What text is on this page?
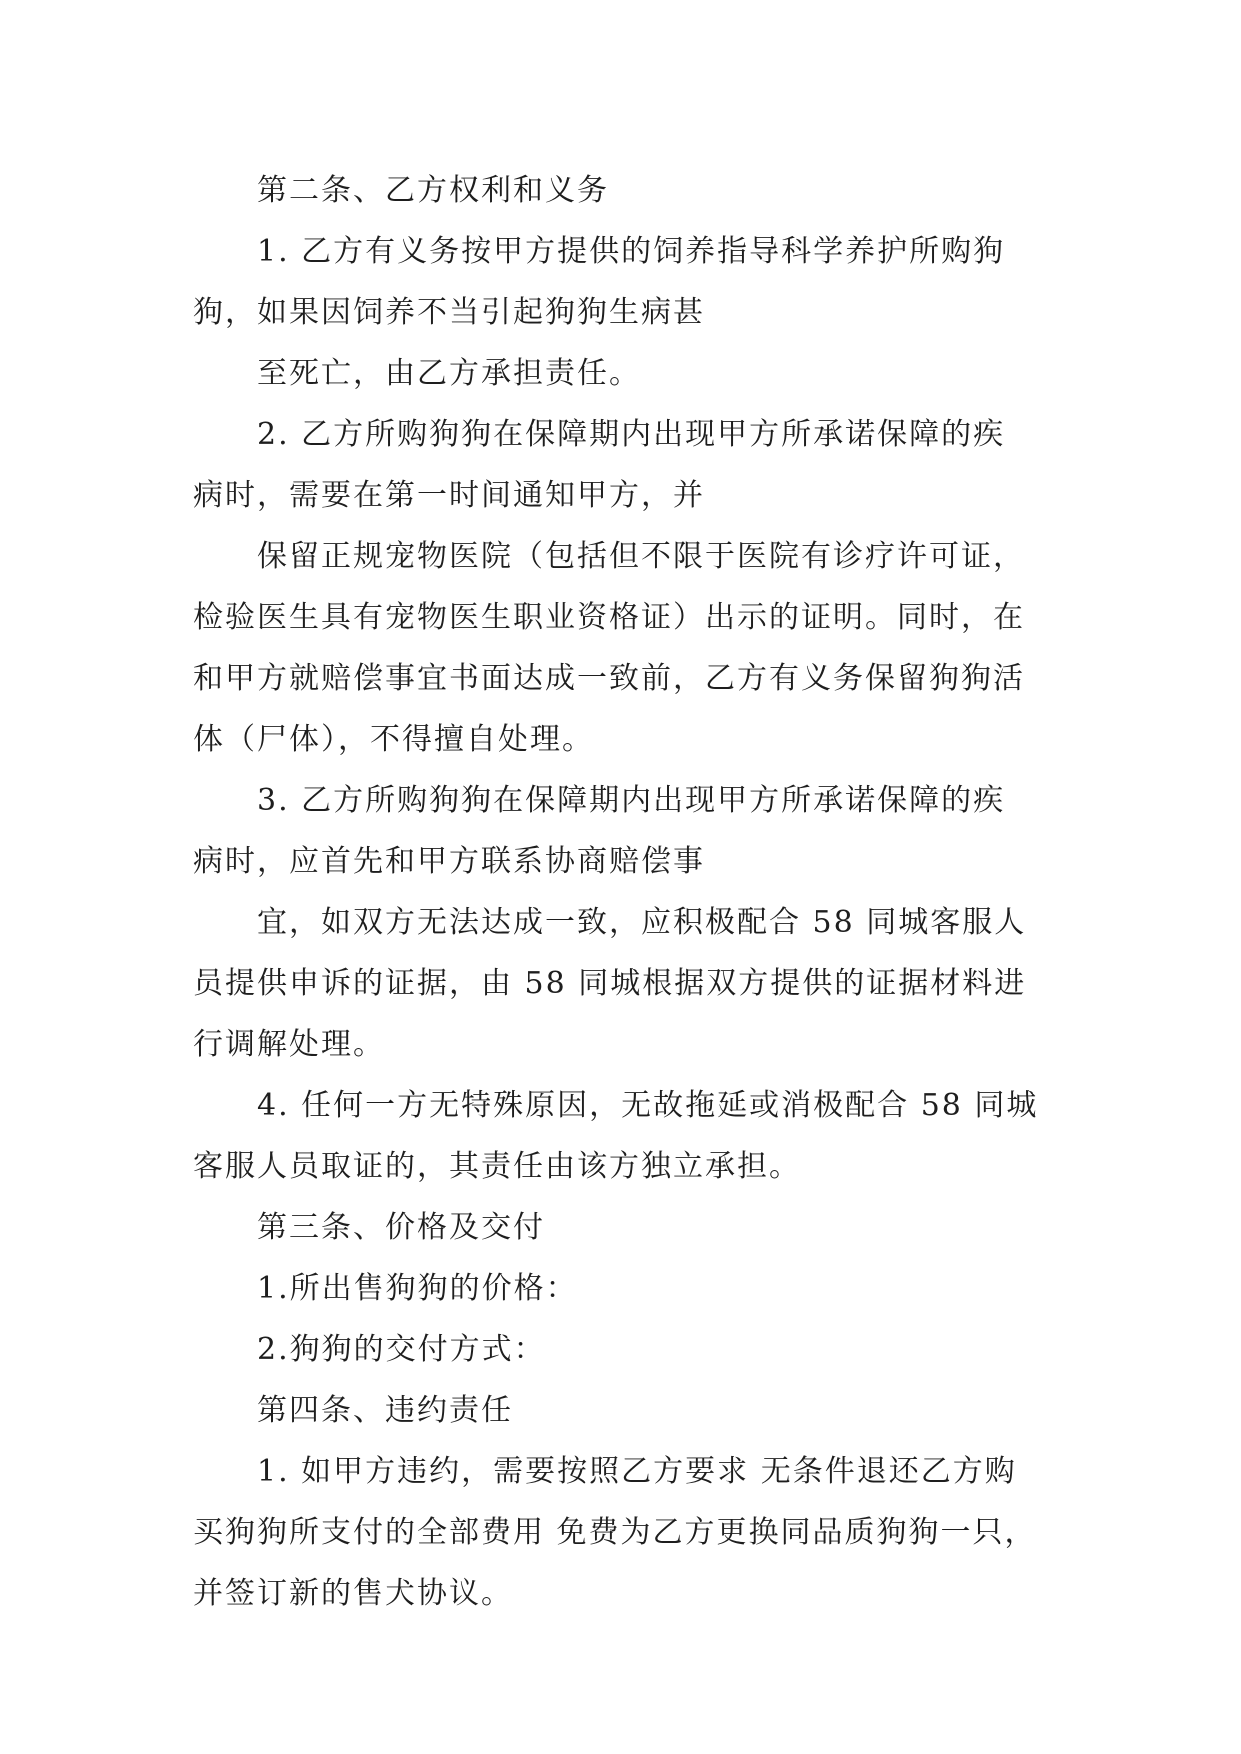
第二条、乙方权利和义务

1. 乙方有义务按甲方提供的饲养指导科学养护所购狗

狗，如果因饲养不当引起狗狗生病甚

至死亡，由乙方承担责任。

2. 乙方所购狗狗在保障期内出现甲方所承诺保障的疾

病时，需要在第一时间通知甲方，并

保留正规宠物医院（包括但不限于医院有诊疗许可证，

检验医生具有宠物医生职业资格证）出示的证明。同时，在

和甲方就赔偿事宜书面达成一致前，乙方有义务保留狗狗活

体（尸体），不得擅自处理。

3. 乙方所购狗狗在保障期内出现甲方所承诺保障的疾

病时，应首先和甲方联系协商赔偿事

宜，如双方无法达成一致，应积极配合 58 同城客服人

员提供申诉的证据，由 58 同城根据双方提供的证据材料进

行调解处理。

4. 任何一方无特殊原因，无故拖延或消极配合 58 同城

客服人员取证的，其责任由该方独立承担。

第三条、价格及交付

1.所出售狗狗的价格：

2.狗狗的交付方式：

第四条、违约责任

1. 如甲方违约，需要按照乙方要求 无条件退还乙方购

买狗狗所支付的全部费用 免费为乙方更换同品质狗狗一只，

并签订新的售犬协议。
